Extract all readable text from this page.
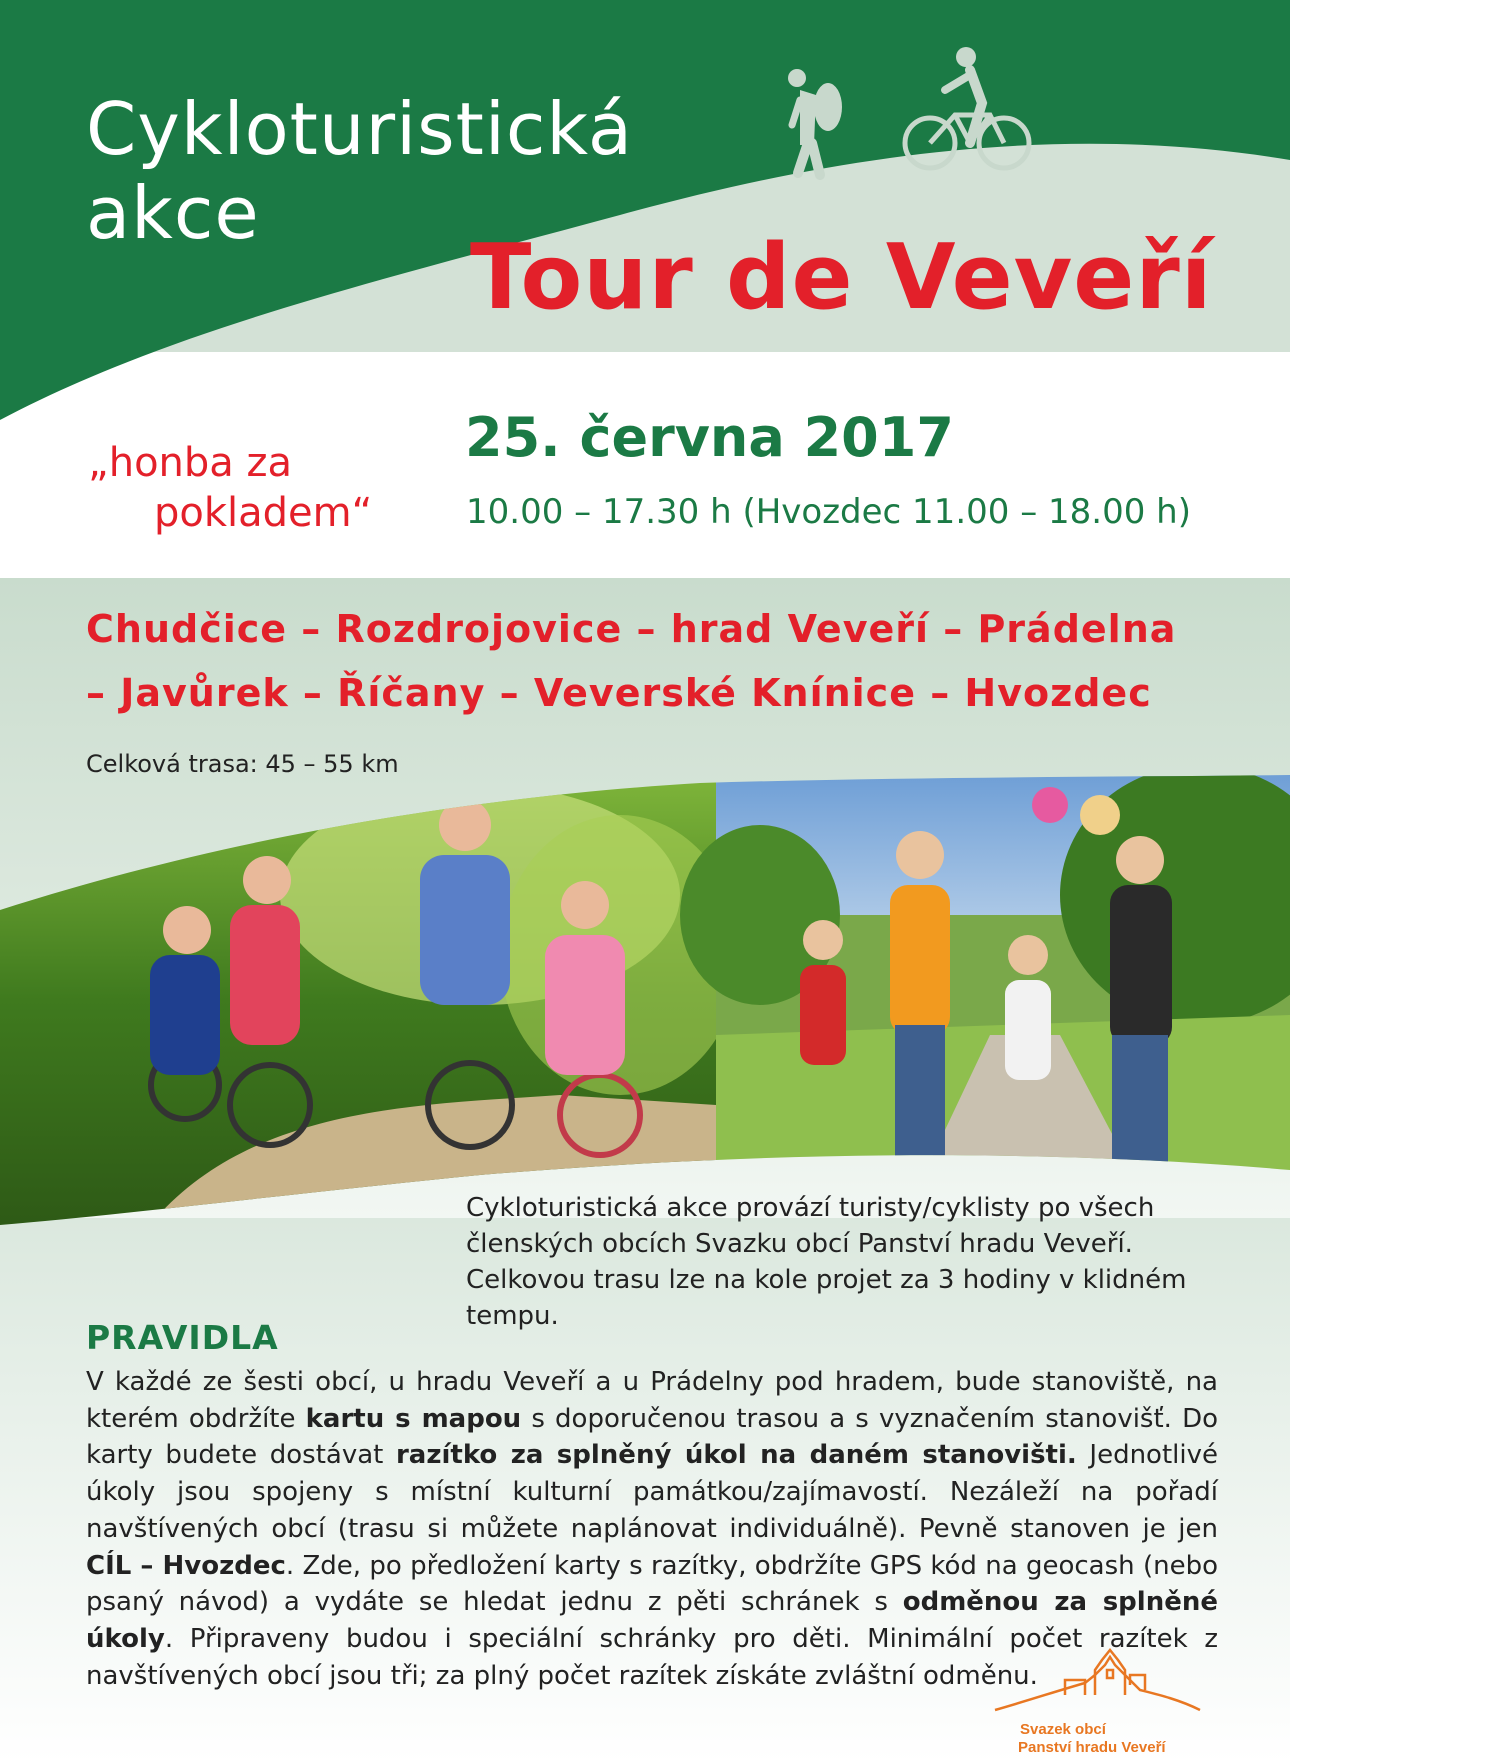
Cykloturistická
akce
Tour de Veveří
„honba za
pokladem“
25. června 2017
10.00 – 17.30 h (Hvozdec 11.00 – 18.00 h)
Chudčice – Rozdrojovice – hrad Veveří – Prádelna
– Javůrek – Říčany – Veverské Knínice – Hvozdec
Celková trasa: 45 – 55 km
Cykloturistická akce provází turisty/cyklisty po všech členských obcích Svazku obcí Panství hradu Veveří. Celkovou trasu lze na kole projet za 3 hodiny v klidném tempu.
PRAVIDLA
V každé ze šesti obcí, u hradu Veveří a u Prádelny pod hradem, bude stanoviště, na kterém obdržíte kartu s mapou s doporučenou trasou a s vyznačením stanovišť. Do karty budete dostávat razítko za splněný úkol na daném stanovišti. Jednotlivé úkoly jsou spojeny s místní kulturní památkou/zajímavostí. Nezáleží na pořadí navštívených obcí (trasu si můžete naplánovat individuálně). Pevně stanoven je jen CÍL – Hvozdec. Zde, po předložení karty s razítky, obdržíte GPS kód na geocash (nebo psaný návod) a vydáte se hledat jednu z pěti schránek s odměnou za splněné úkoly. Připraveny budou i speciální schránky pro děti. Minimální počet razítek z navštívených obcí jsou tři; za plný počet razítek získáte zvláštní odměnu.
Svazek obcí
Panství hradu Veveří
